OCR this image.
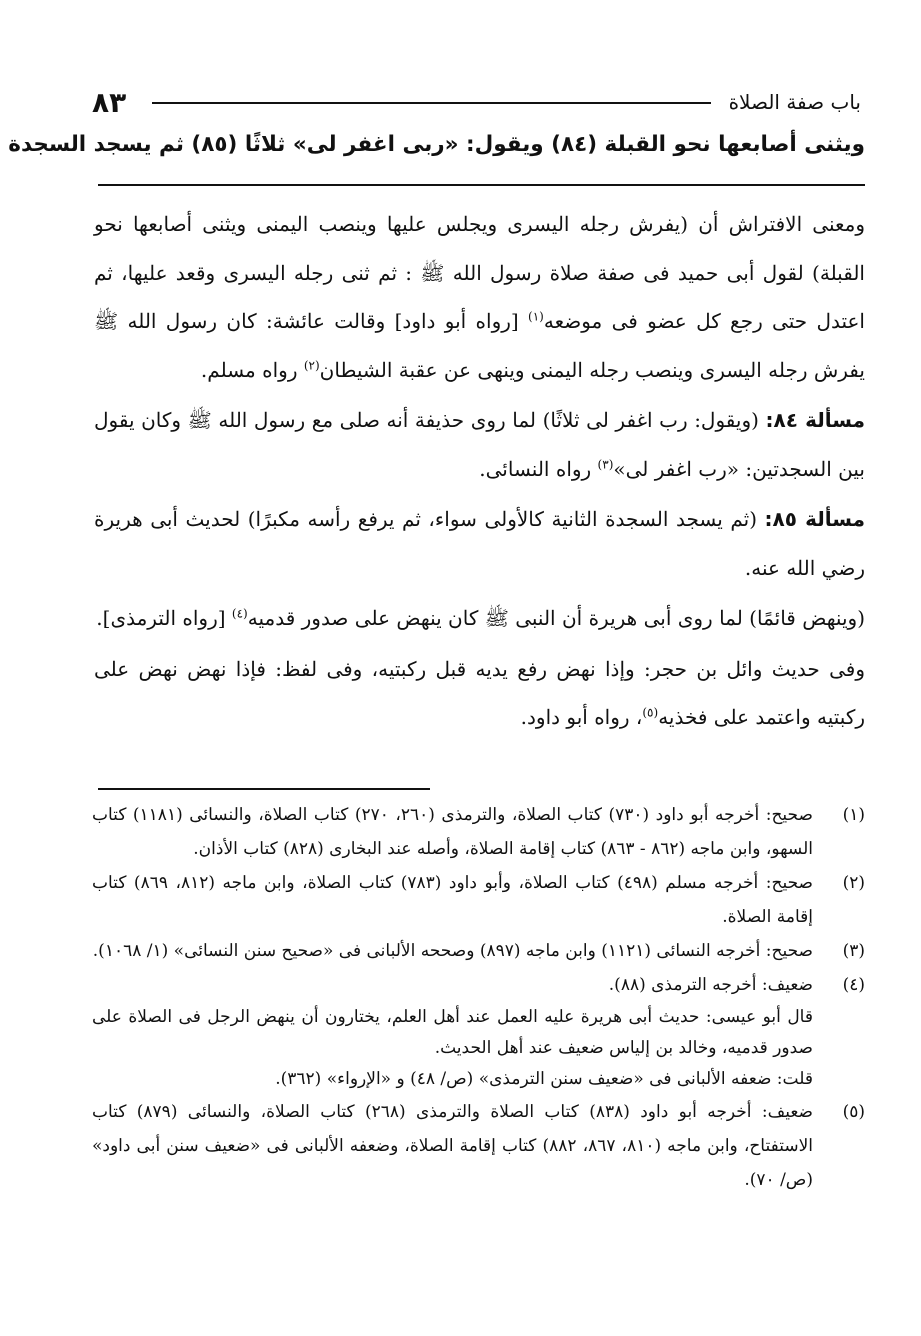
باب صفة الصلاة
٨٣
ويثنى أصابعها نحو القبلة (٨٤) ويقول: «ربى اغفر لى» ثلاثًا (٨٥) ثم يسجد السجدة

ومعنى الافتراش أن (يفرش رجله اليسرى ويجلس عليها وينصب اليمنى ويثنى أصابعها نحو القبلة) لقول أبى حميد فى صفة صلاة رسول الله ﷺ : ثم ثنى رجله اليسرى وقعد عليها، ثم اعتدل حتى رجع كل عضو فى موضعه$^{(١)}$ [رواه أبو داود] وقالت عائشة: كان رسول الله ﷺ يفرش رجله اليسرى وينصب رجله اليمنى وينهى عن عقبة الشيطان$^{(٢)}$ رواه مسلم.

مسألة ٨٤: (ويقول: رب اغفر لى ثلاثًا) لما روى حذيفة أنه صلى مع رسول الله ﷺ وكان يقول بين السجدتين: «رب اغفر لى»$^{(٣)}$ رواه النسائى.

مسألة ٨٥: (ثم يسجد السجدة الثانية كالأولى سواء، ثم يرفع رأسه مكبرًا) لحديث أبى هريرة رضي الله عنه.

(وينهض قائمًا) لما روى أبى هريرة أن النبى ﷺ كان ينهض على صدور قدميه$^{(٤)}$ [رواه الترمذى].

وفى حديث وائل بن حجر: وإذا نهض رفع يديه قبل ركبتيه، وفى لفظ: فإذا نهض نهض على ركبتيه واعتمد على فخذيه$^{(٥)}$، رواه أبو داود.

(١)
صحيح: أخرجه أبو داود (٧٣٠) كتاب الصلاة، والترمذى (٢٦٠، ٢٧٠) كتاب الصلاة، والنسائى (١١٨١) كتاب السهو، وابن ماجه (٨٦٢ - ٨٦٣) كتاب إقامة الصلاة، وأصله عند البخارى (٨٢٨) كتاب الأذان.

(٢)
صحيح: أخرجه مسلم (٤٩٨) كتاب الصلاة، وأبو داود (٧٨٣) كتاب الصلاة، وابن ماجه (٨١٢، ٨٦٩) كتاب إقامة الصلاة.

(٣)
صحيح: أخرجه النسائى (١١٢١) وابن ماجه (٨٩٧) وصححه الألبانى فى «صحيح سنن النسائى» (١/ ١٠٦٨).

(٤)
ضعيف: أخرجه الترمذى (٨٨).

قال أبو عيسى: حديث أبى هريرة عليه العمل عند أهل العلم، يختارون أن ينهض الرجل فى الصلاة على صدور قدميه، وخالد بن إلياس ضعيف عند أهل الحديث.

قلت: ضعفه الألبانى فى «ضعيف سنن الترمذى» (ص/ ٤٨) و «الإرواء» (٣٦٢).

(٥)
ضعيف: أخرجه أبو داود (٨٣٨) كتاب الصلاة والترمذى (٢٦٨) كتاب الصلاة، والنسائى (٨٧٩) كتاب الاستفتاح، وابن ماجه (٨١٠، ٨٦٧، ٨٨٢) كتاب إقامة الصلاة، وضعفه الألبانى فى «ضعيف سنن أبى داود» (ص/ ٧٠).
